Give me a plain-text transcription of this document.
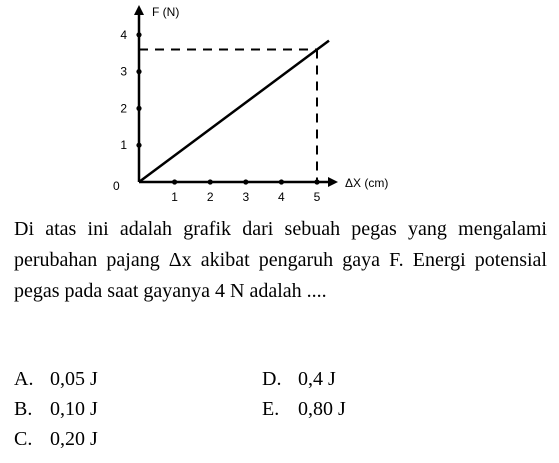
1 2 3 4 5
1
2
3
4
F (N)
ΔX (cm)
0

Di atas ini adalah grafik dari sebuah pegas yang mengalami perubahan pajang Δx akibat pengaruh gaya F. Energi potensial pegas pada saat gayanya 4 N adalah ....

A. 0,05 J
B. 0,10 J
C. 0,20 J
D. 0,4 J
E. 0,80 J
